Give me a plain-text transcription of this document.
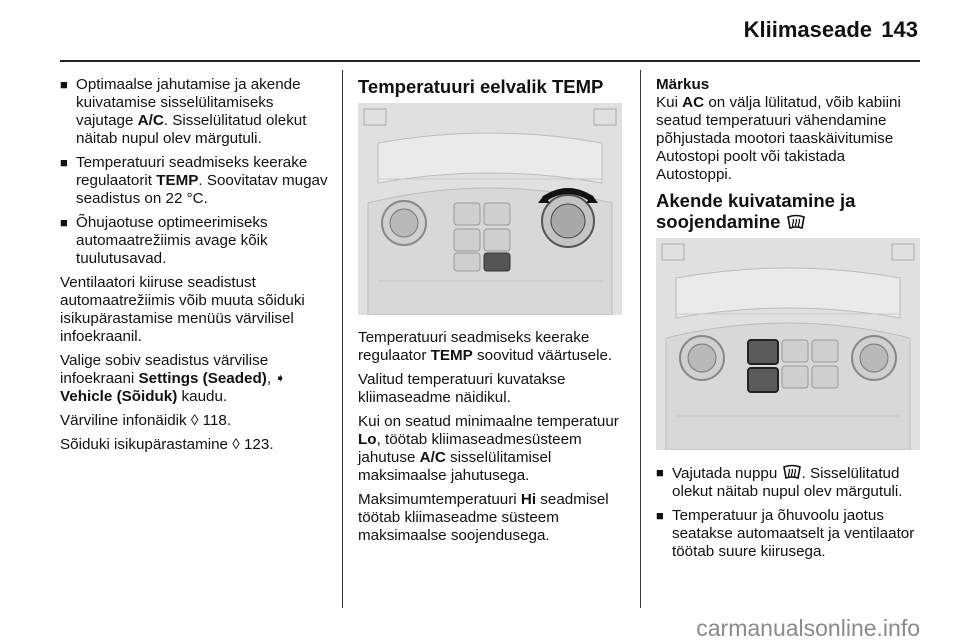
Kliimaseade 143
■ Optimaalse jahutamise ja akende kuivatamise sisselülitamiseks vajutage A/C. Sisselülitatud olekut näitab nupul olev märgutuli.
■ Temperatuuri seadmiseks keerake regulaatorit TEMP. Soovitatav mugav seadistus on 22 °C.
■ Õhujaotuse optimeerimiseks automaatrežiimis avage kõik tuulutusavad.

Ventilaatori kiiruse seadistust automaatrežiimis võib muuta sõiduki isikupärastamise menüüs värvilisel infoekraanil.

Valige sobiv seadistus värvilise infoekraani Settings (Seaded), ➧ Vehicle (Sõiduk) kaudu.

Värviline infonäidik ◊ 118.

Sõiduki isikupärastamine ◊ 123.

Temperatuuri eelvalik TEMP

Temperatuuri seadmiseks keerake regulaator TEMP soovitud väärtusele.

Valitud temperatuuri kuvatakse kliimaseadme näidikul.

Kui on seatud minimaalne temperatuur Lo, töötab kliimaseadmesüsteem jahutuse A/C sisselülitamisel maksimaalse jahutusega.

Maksimumtemperatuuri Hi seadmisel töötab kliimaseadme süsteem maksimaalse soojendusega.

Märkus

Kui AC on välja lülitatud, võib kabiini seatud temperatuuri vähendamine põhjustada mootori taaskäivitumise Autostopi poolt või takistada Autostoppi.

Akende kuivatamine ja
soojendamine
■ Vajutada nuppu . Sisselülitatud olekut näitab nupul olev märgutuli.
■ Temperatuur ja õhuvoolu jaotus seatakse automaatselt ja ventilaator töötab suure kiirusega.
carmanualsonline.info
